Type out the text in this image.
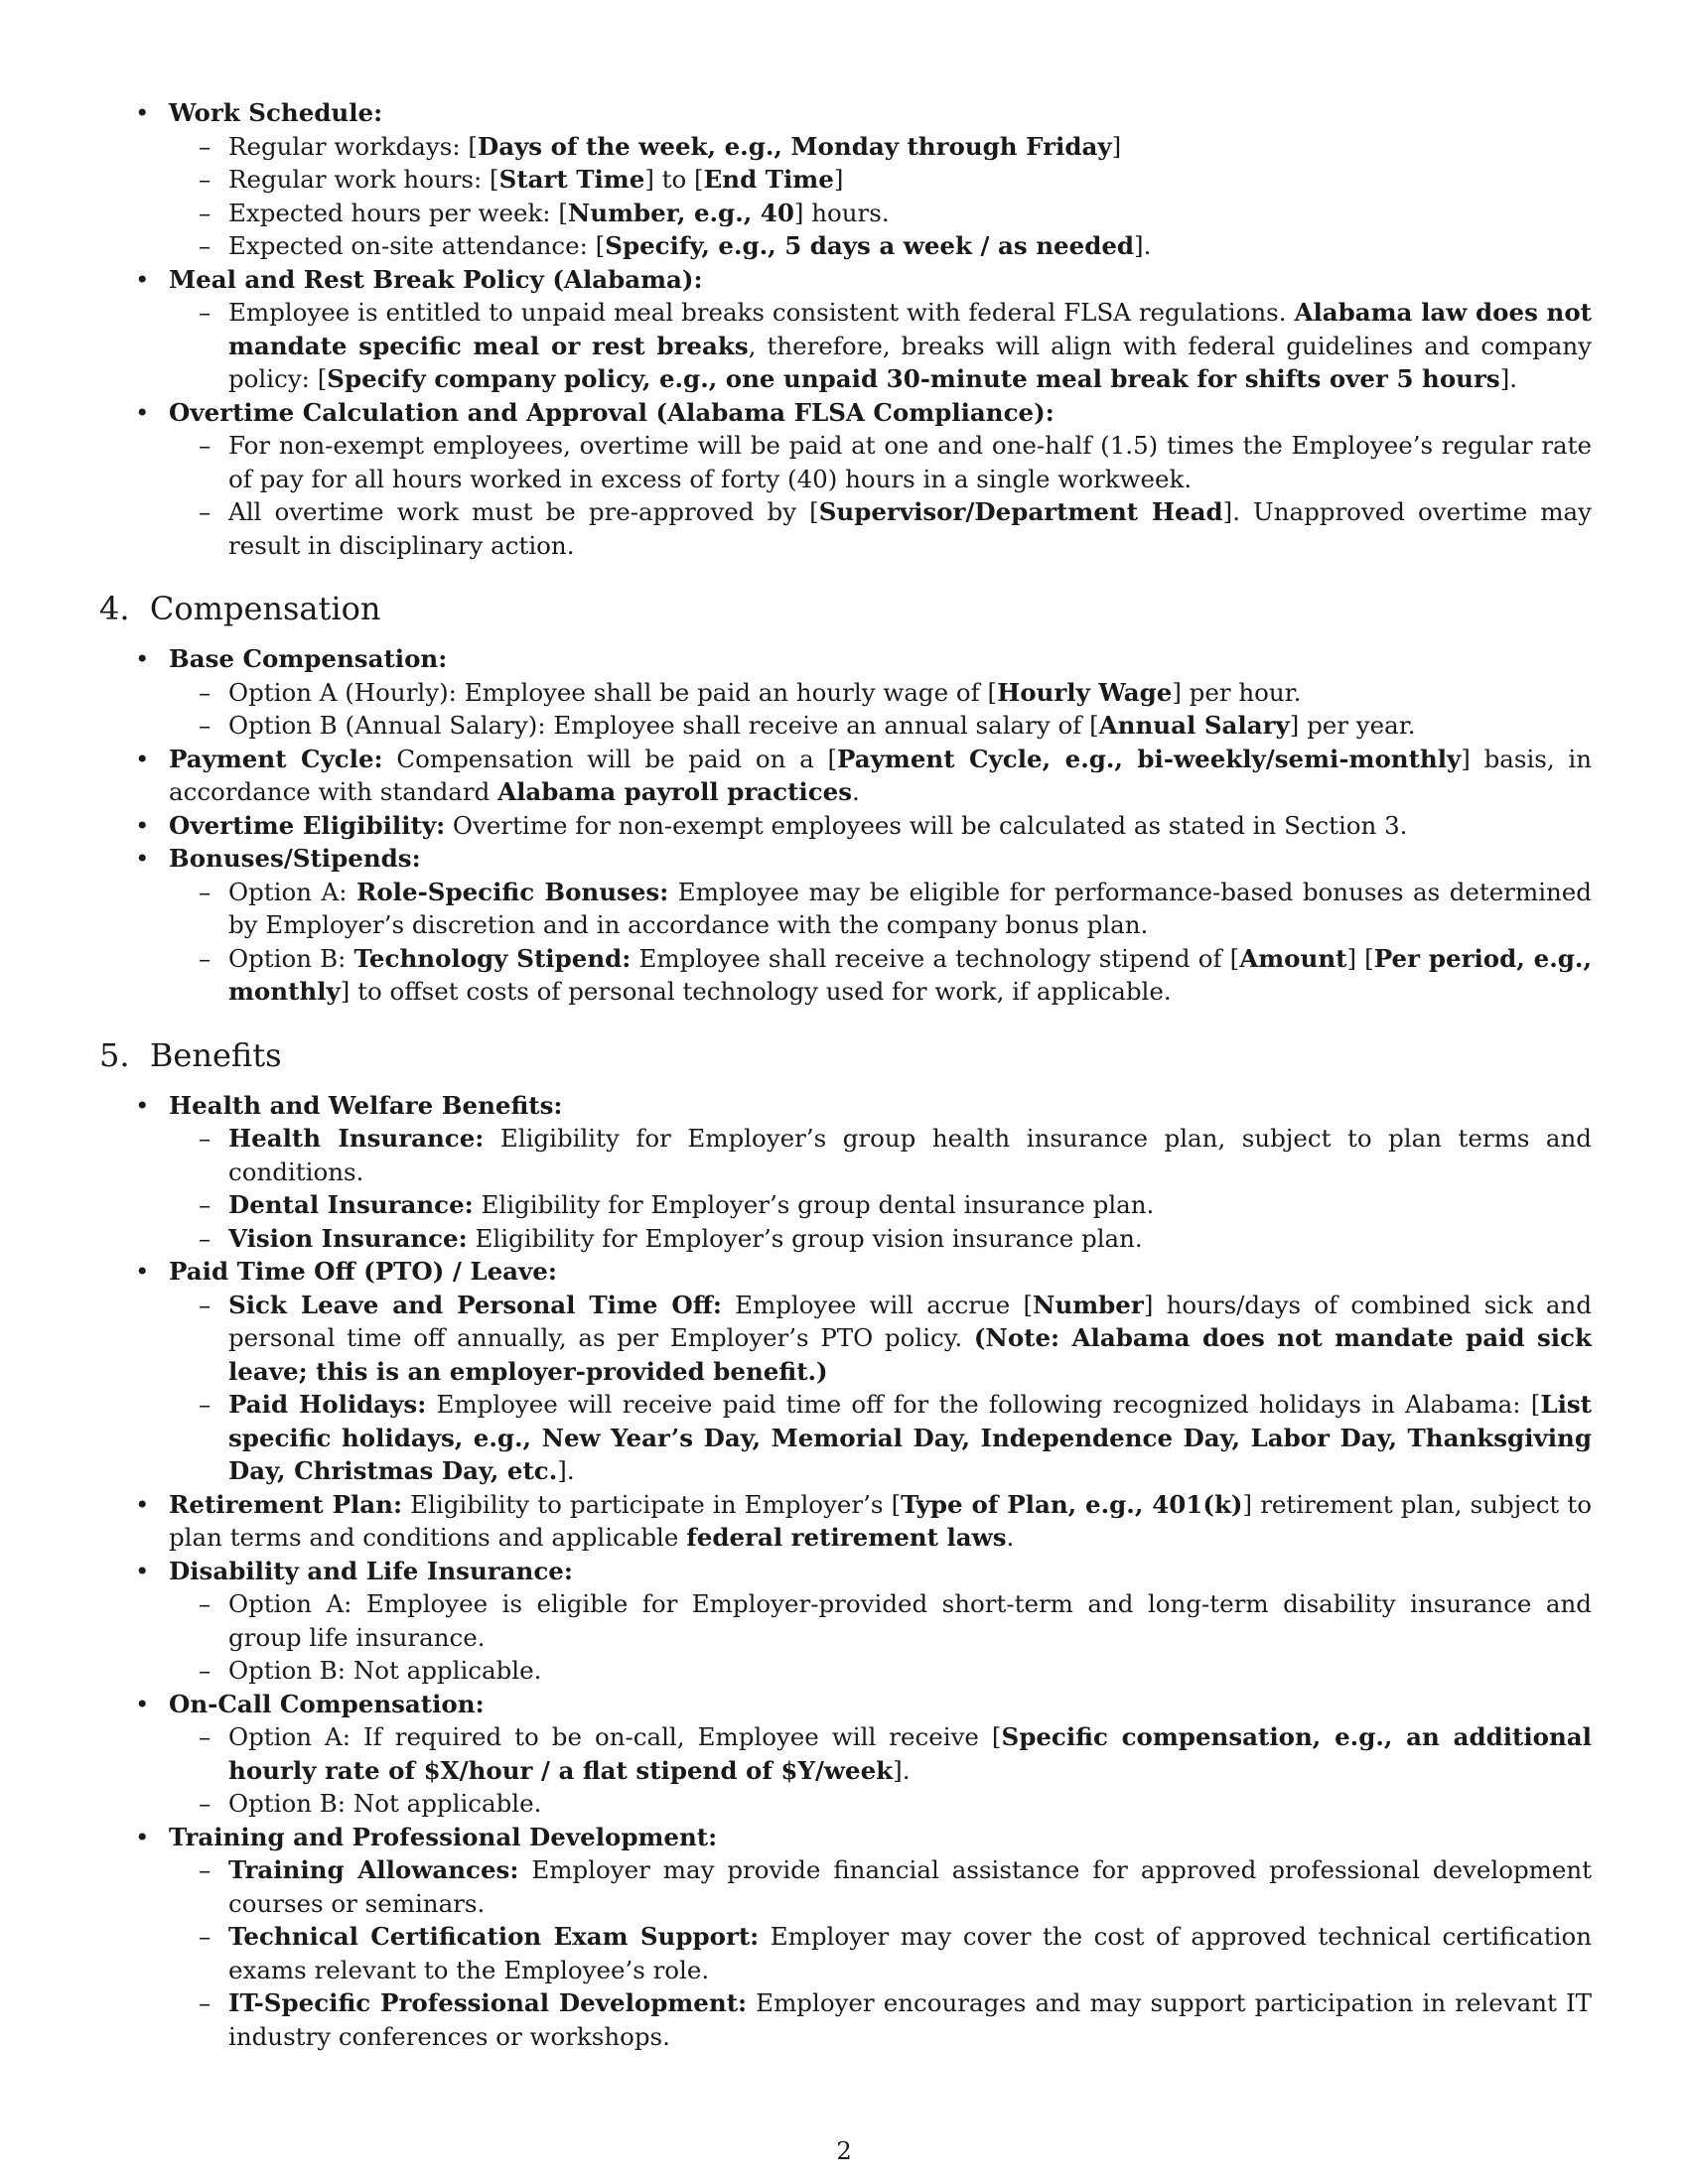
• Work Schedule:

– Regular workdays: [Days of the week, e.g., Monday through Friday]

– Regular work hours: [Start Time] to [End Time]

– Expected hours per week: [Number, e.g., 40] hours.

– Expected on-site attendance: [Specify, e.g., 5 days a week / as needed].

• Meal and Rest Break Policy (Alabama):

– Employee is entitled to unpaid meal breaks consistent with federal FLSA regulations. Alabama law does not mandate specific meal or rest breaks, therefore, breaks will align with federal guidelines and company policy: [Specify company policy, e.g., one unpaid 30-minute meal break for shifts over 5 hours].

• Overtime Calculation and Approval (Alabama FLSA Compliance):

– For non-exempt employees, overtime will be paid at one and one-half (1.5) times the Employee’s regular rate of pay for all hours worked in excess of forty (40) hours in a single workweek.

– All overtime work must be pre-approved by [Supervisor/Department Head]. Unapproved overtime may result in disciplinary action.

4. Compensation
• Base Compensation:

– Option A (Hourly): Employee shall be paid an hourly wage of [Hourly Wage] per hour.

– Option B (Annual Salary): Employee shall receive an annual salary of [Annual Salary] per year.

• Payment Cycle: Compensation will be paid on a [Payment Cycle, e.g., bi-weekly/semi-monthly] basis, in accordance with standard Alabama payroll practices.

• Overtime Eligibility: Overtime for non-exempt employees will be calculated as stated in Section 3.

• Bonuses/Stipends:

– Option A: Role-Specific Bonuses: Employee may be eligible for performance-based bonuses as determined by Employer’s discretion and in accordance with the company bonus plan.

– Option B: Technology Stipend: Employee shall receive a technology stipend of [Amount] [Per period, e.g., monthly] to offset costs of personal technology used for work, if applicable.

5. Benefits
• Health and Welfare Benefits:

– Health Insurance: Eligibility for Employer’s group health insurance plan, subject to plan terms and conditions.

– Dental Insurance: Eligibility for Employer’s group dental insurance plan.

– Vision Insurance: Eligibility for Employer’s group vision insurance plan.

• Paid Time Off (PTO) / Leave:

– Sick Leave and Personal Time Off: Employee will accrue [Number] hours/days of combined sick and personal time off annually, as per Employer’s PTO policy. (Note: Alabama does not mandate paid sick leave; this is an employer-provided benefit.)

– Paid Holidays: Employee will receive paid time off for the following recognized holidays in Alabama: [List specific holidays, e.g., New Year’s Day, Memorial Day, Independence Day, Labor Day, Thanksgiving Day, Christmas Day, etc.].

• Retirement Plan: Eligibility to participate in Employer’s [Type of Plan, e.g., 401(k)] retirement plan, subject to plan terms and conditions and applicable federal retirement laws.

• Disability and Life Insurance:

– Option A: Employee is eligible for Employer-provided short-term and long-term disability insurance and group life insurance.

– Option B: Not applicable.

• On-Call Compensation:

– Option A: If required to be on-call, Employee will receive [Specific compensation, e.g., an additional hourly rate of $X/hour / a flat stipend of $Y/week].

– Option B: Not applicable.

• Training and Professional Development:

– Training Allowances: Employer may provide financial assistance for approved professional development courses or seminars.

– Technical Certification Exam Support: Employer may cover the cost of approved technical certification exams relevant to the Employee’s role.

– IT-Specific Professional Development: Employer encourages and may support participation in relevant IT industry conferences or workshops.

2
